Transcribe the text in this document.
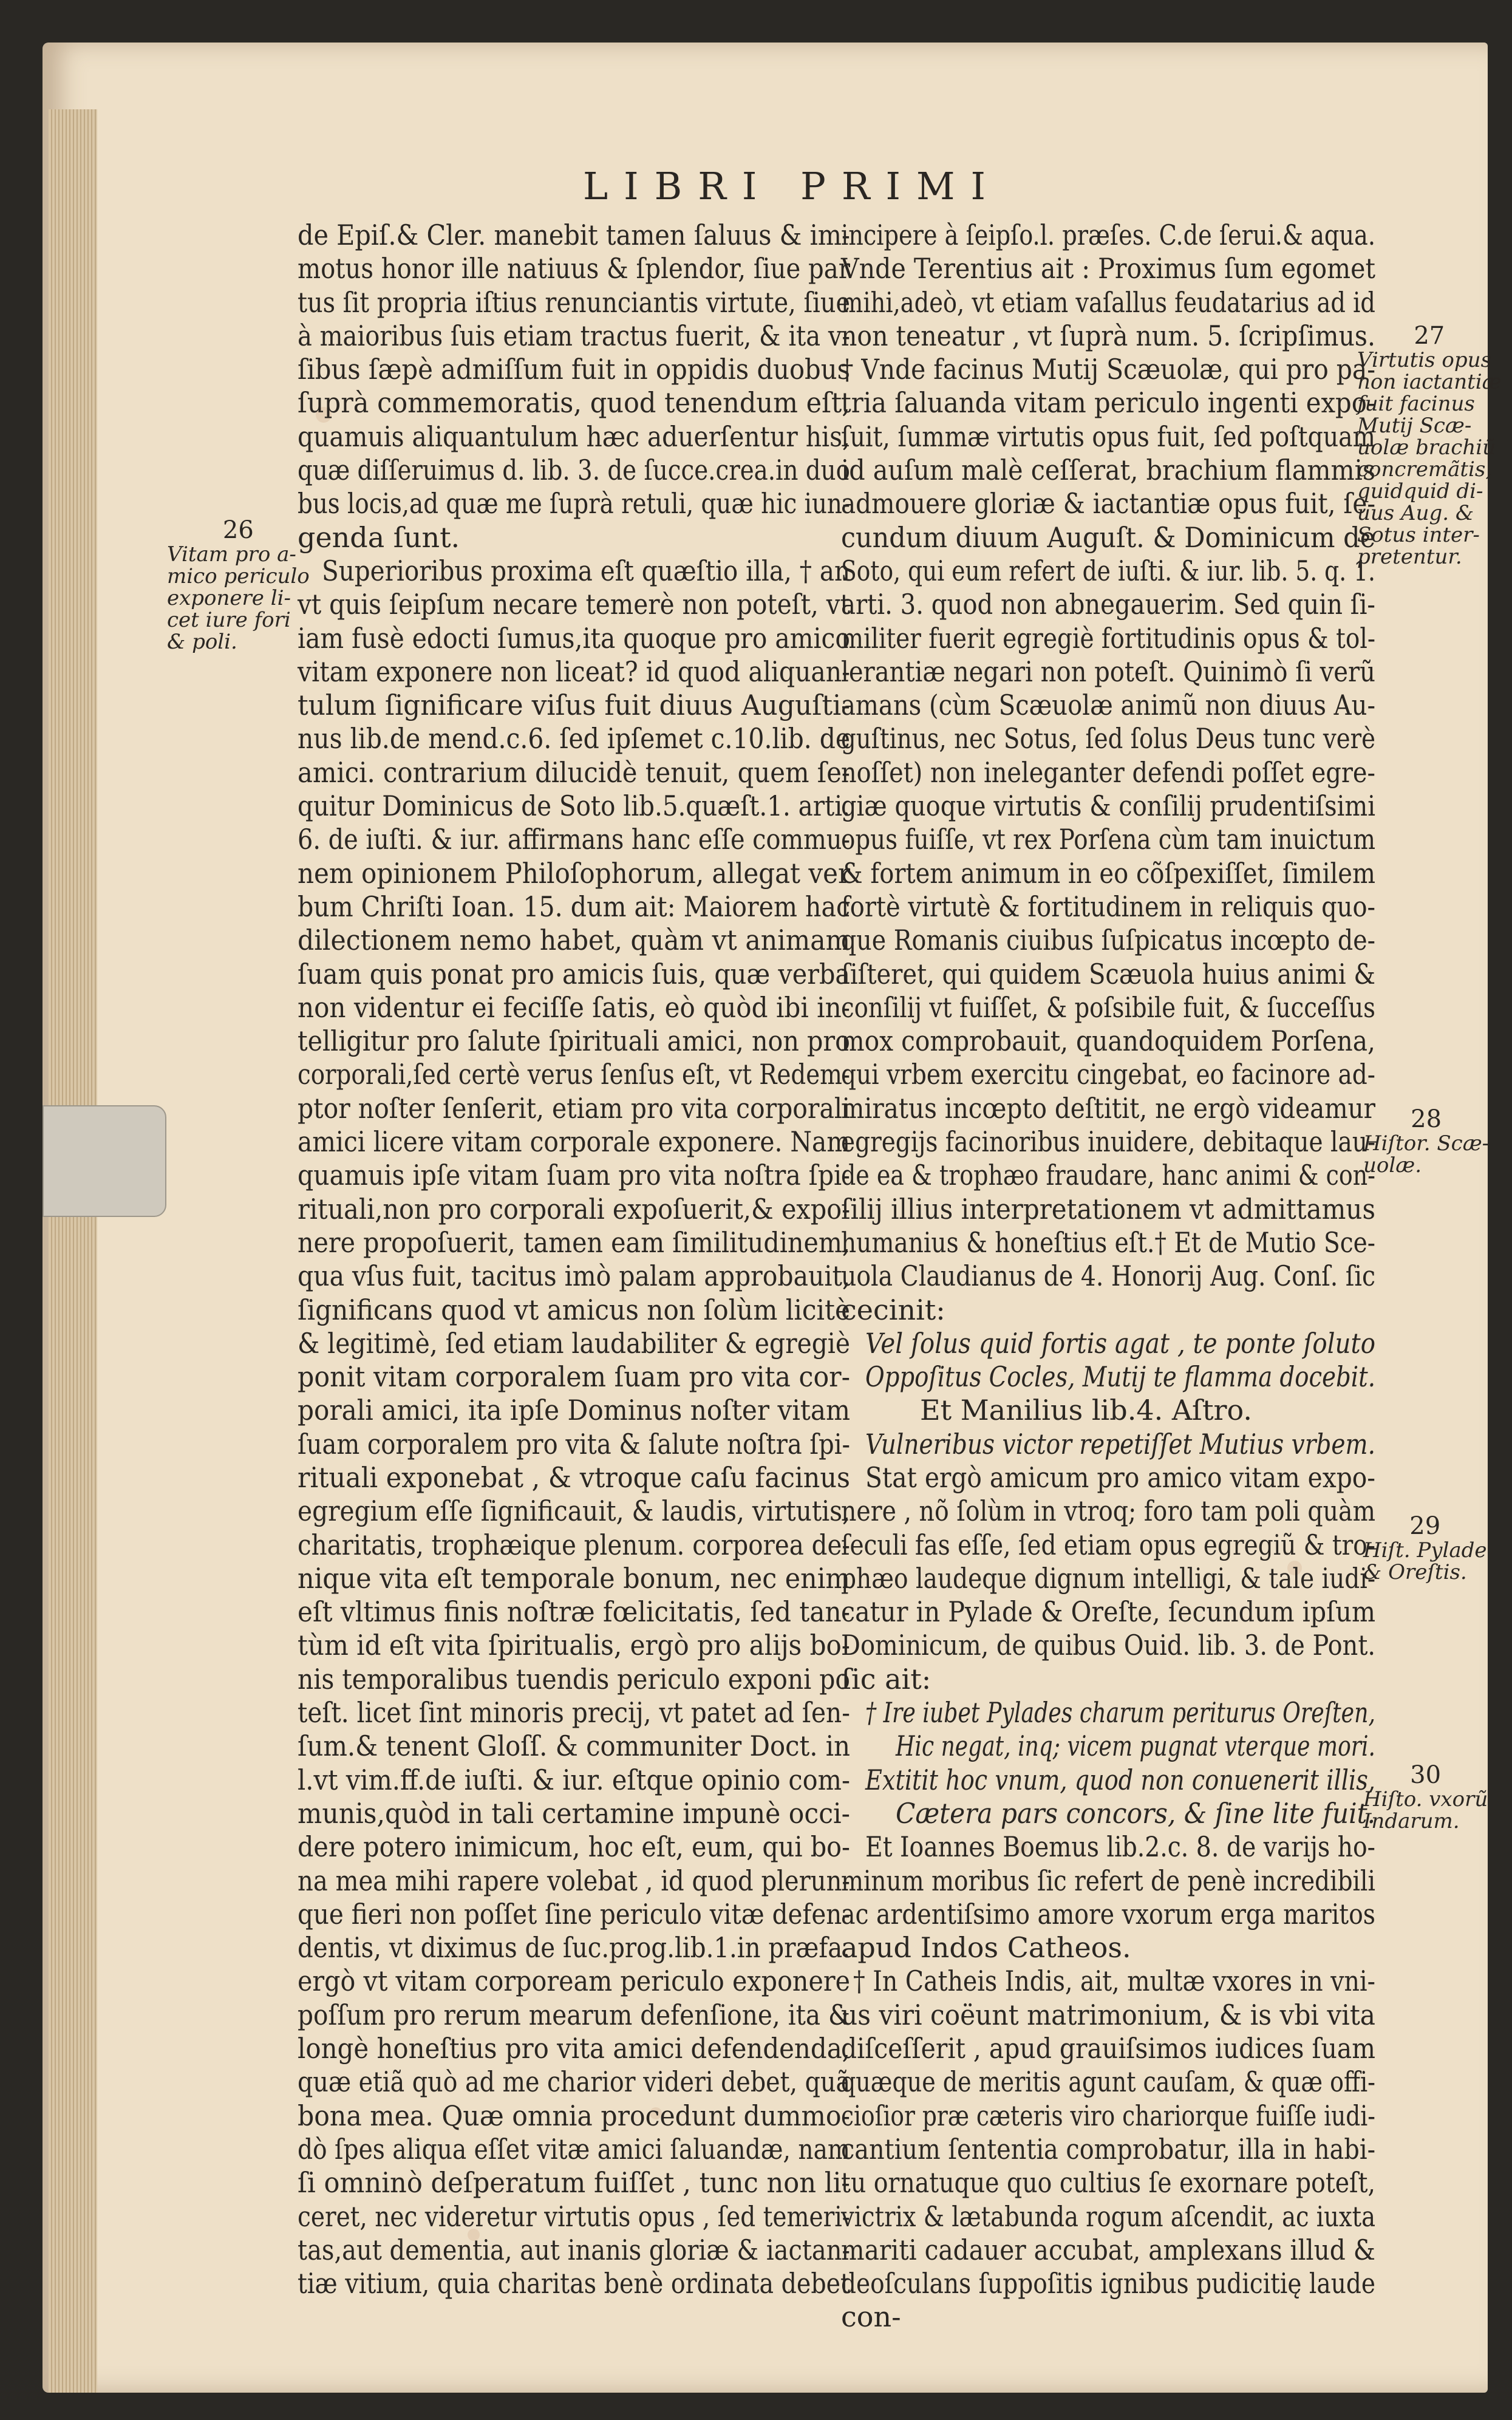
LIBRI PRIMI
de Epiſ.& Cler. manebit tamen ſaluus & im-
motus honor ille natiuus & ſplendor, ſiue par
tus ſit propria iſtius renunciantis virtute, ſiue
à maioribus ſuis etiam tractus fuerit, & ita v-
ſibus ſæpè admiſſum fuit in oppidis duobus
ſuprà commemoratis, quod tenendum eſt,
quamuis aliquantulum hæc aduerſentur his,
quæ diſſeruimus d. lib. 3. de ſucce.crea.in duo
bus locis,ad quæ me ſuprà retuli, quæ hic iun-
genda ſunt.
Superioribus proxima eſt quæſtio illa, † an
vt quis ſeipſum necare temerè non poteſt, vt
iam fusè edocti ſumus,ita quoque pro amico
vitam exponere non liceat? id quod aliquan-
tulum ſignificare viſus fuit diuus Auguſti-
nus lib.de mend.c.6. ſed ipſemet c.10.lib. de
amici. contrarium dilucidè tenuit, quem ſe-
quitur Dominicus de Soto lib.5.quæſt.1. arti.
6. de iuſti. & iur. affirmans hanc eſſe commu-
nem opinionem Philoſophorum, allegat ver
bum Chriſti Ioan. 15. dum ait: Maiorem hac
dilectionem nemo habet, quàm vt animam
ſuam quis ponat pro amicis ſuis, quæ verba
non videntur ei feciſſe ſatis, eò quòd ibi in-
telligitur pro ſalute ſpirituali amici, non pro
corporali,ſed certè verus ſenſus eſt, vt Redem-
ptor noſter ſenſerit, etiam pro vita corporali
amici licere vitam corporale exponere. Nam
quamuis ipſe vitam ſuam pro vita noſtra ſpi-
rituali,non pro corporali expoſuerit,& expo-
nere propoſuerit, tamen eam ſimilitudinem,
qua vſus fuit, tacitus imò palam approbauit,
ſignificans quod vt amicus non ſolùm licitè
& legitimè, ſed etiam laudabiliter & egregiè
ponit vitam corporalem ſuam pro vita cor-
porali amici, ita ipſe Dominus noſter vitam
ſuam corporalem pro vita & ſalute noſtra ſpi-
rituali exponebat , & vtroque caſu facinus
egregium eſſe ſignificauit, & laudis, virtutis,
charitatis, trophæique plenum. corporea de-
nique vita eſt temporale bonum, nec enim
eſt vltimus finis noſtræ fœlicitatis, ſed tan-
tùm id eſt vita ſpiritualis, ergò pro alijs bo-
nis temporalibus tuendis periculo exponi po
teſt. licet ſint minoris precij, vt patet ad ſen-
ſum.& tenent Gloſſ. & communiter Doct. in
l.vt vim.ff.de iuſti. & iur. eſtque opinio com-
munis,quòd in tali certamine impunè occi-
dere potero inimicum, hoc eſt, eum, qui bo-
na mea mihi rapere volebat , id quod plerun-
que fieri non poſſet ſine periculo vitæ defen-
dentis, vt diximus de ſuc.prog.lib.1.in præfa.
ergò vt vitam corpoream periculo exponere
poſſum pro rerum mearum defenſione, ita &
longè honeſtius pro vita amici defendenda,
quæ etiã quò ad me charior videri debet, quã
bona mea. Quæ omnia procedunt dummo-
dò ſpes aliqua eſſet vitæ amici ſaluandæ, nam
ſi omninò deſperatum fuiſſet , tunc non li-
ceret, nec videretur virtutis opus , ſed temeri-
tas,aut dementia, aut inanis gloriæ & iactan-
tiæ vitium, quia charitas benè ordinata debet
incipere à ſeipſo.l. præſes. C.de ſerui.& aqua.
Vnde Terentius ait : Proximus ſum egomet
mihi,adeò, vt etiam vaſallus feudatarius ad id
non teneatur , vt ſuprà num. 5. ſcripſimus.
† Vnde facinus Mutij Scæuolæ, qui pro pa-
tria ſaluanda vitam periculo ingenti expo-
ſuit, ſummæ virtutis opus fuit, ſed poſtquam
id auſum malè ceſſerat, brachium flammis
admouere gloriæ & iactantiæ opus fuit, ſe-
cundum diuum Auguſt. & Dominicum de
Soto, qui eum refert de iuſti. & iur. lib. 5. q. 1.
arti. 3. quod non abnegauerim. Sed quin ſi-
militer fuerit egregiè fortitudinis opus & tol-
lerantiæ negari non poteſt. Quinimò ſi verũ
amans (cùm Scæuolæ animũ non diuus Au-
guſtinus, nec Sotus, ſed ſolus Deus tunc verè
noſſet) non ineleganter defendi poſſet egre-
giæ quoque virtutis & conſilij prudentiſsimi
opus fuiſſe, vt rex Porſena cùm tam inuictum
& fortem animum in eo cõſpexiſſet, ſimilem
fortè virtutè & fortitudinem in reliquis quo-
que Romanis ciuibus ſuſpicatus incœpto de-
ſiſteret, qui quidem Scæuola huius animi &
conſilij vt fuiſſet, & poſsibile fuit, & ſucceſſus
mox comprobauit, quandoquidem Porſena,
qui vrbem exercitu cingebat, eo facinore ad-
miratus incœpto deſtitit, ne ergò videamur
egregijs facinoribus inuidere, debitaque lau-
de ea & trophæo fraudare, hanc animi & con-
ſilij illius interpretationem vt admittamus
humanius & honeſtius eſt.† Et de Mutio Sce-
uola Claudianus de 4. Honorij Aug. Conſ. ſic
cecinit:
Vel ſolus quid fortis agat , te ponte ſoluto
Oppoſitus Cocles, Mutij te flamma docebit.
Et Manilius lib.4. Aſtro.
Vulneribus victor repetiſſet Mutius vrbem.
Stat ergò amicum pro amico vitam expo-
nere , nõ ſolùm in vtroq; foro tam poli quàm
ſeculi fas eſſe, ſed etiam opus egregiũ & tro-
phæo laudeque dignum intelligi, & tale iudi-
catur in Pylade & Oreſte, ſecundum ipſum
Dominicum, de quibus Ouid. lib. 3. de Pont.
ſic ait:
† Ire iubet Pylades charum periturus Oreſten,
Hic negat, inq; vicem pugnat vterque mori.
Extitit hoc vnum, quod non conuenerit illis,
Cætera pars concors, & ſine lite fuit.
Et Ioannes Boemus lib.2.c. 8. de varijs ho-
minum moribus ſic refert de penè incredibili
ac ardentiſsimo amore vxorum erga maritos
apud Indos Catheos.
† In Catheis Indis, ait, multæ vxores in vni-
us viri coëunt matrimonium, & is vbi vita
diſceſſerit , apud grauiſsimos iudices ſuam
quæque de meritis agunt cauſam, & quæ offi-
cioſior præ cæteris viro chariorque fuiſſe iudi-
cantium ſententia comprobatur, illa in habi-
tu ornatuque quo cultius ſe exornare poteſt,
victrix & lætabunda rogum aſcendit, ac iuxta
mariti cadauer accubat, amplexans illud &
deoſculans ſuppoſitis ignibus pudicitię laude
con-
26
Vitam pro a-
mico periculo
exponere li-
cet iure fori
& poli.
27
Virtutis opus
non iactantiæ
fuit facinus
Mutij Scæ-
uolæ brachiũ
concremãtis,
quidquid di-
uus Aug. &
Sotus inter-
pretentur.
28
Hiſtor. Scæ-
uolæ.
29
Hiſt. Pylade
& Oreſtis.
30
Hiſto. vxorũ
Indarum.
